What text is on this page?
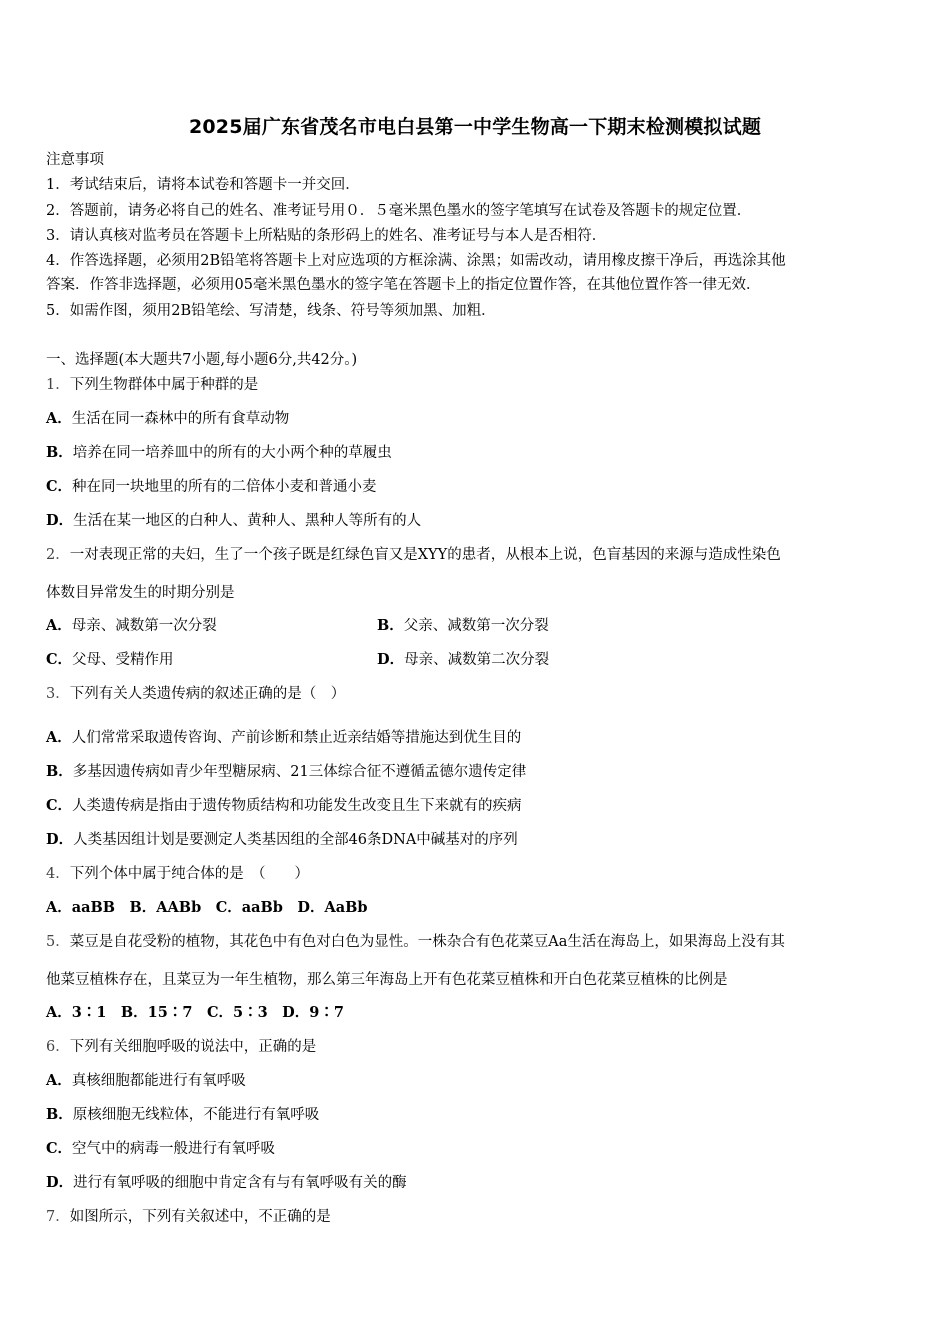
2025届广东省茂名市电白县第一中学生物高一下期末检测模拟试题
注意事项
1．考试结束后，请将本试卷和答题卡一并交回．
2．答题前，请务必将自己的姓名、准考证号用０．５毫米黑色墨水的签字笔填写在试卷及答题卡的规定位置．
3．请认真核对监考员在答题卡上所粘贴的条形码上的姓名、准考证号与本人是否相符．
4．作答选择题，必须用2B铅笔将答题卡上对应选项的方框涂满、涂黑；如需改动，请用橡皮擦干净后，再选涂其他
答案．作答非选择题，必须用05毫米黑色墨水的签字笔在答题卡上的指定位置作答，在其他位置作答一律无效．
5．如需作图，须用2B铅笔绘、写清楚，线条、符号等须加黑、加粗．
一、选择题(本大题共7小题,每小题6分,共42分。)
1．下列生物群体中属于种群的是
A．生活在同一森林中的所有食草动物
B．培养在同一培养皿中的所有的大小两个种的草履虫
C．种在同一块地里的所有的二倍体小麦和普通小麦
D．生活在某一地区的白种人、黄种人、黑种人等所有的人
2．一对表现正常的夫妇，生了一个孩子既是红绿色盲又是XYY的患者，从根本上说，色盲基因的来源与造成性染色
体数目异常发生的时期分别是
A．母亲、减数第一次分裂	B．父亲、减数第一次分裂
C．父母、受精作用	D．母亲、减数第二次分裂
3．下列有关人类遗传病的叙述正确的是（　）
A．人们常常采取遗传咨询、产前诊断和禁止近亲结婚等措施达到优生目的
B．多基因遗传病如青少年型糖尿病、21三体综合征不遵循孟德尔遗传定律
C．人类遗传病是指由于遗传物质结构和功能发生改变且生下来就有的疾病
D．人类基因组计划是要测定人类基因组的全部46条DNA中碱基对的序列
4．下列个体中属于纯合体的是　（　　）
A．aaBB　B．AABb　C．aaBb　D．AaBb
5．菜豆是自花受粉的植物，其花色中有色对白色为显性。一株杂合有色花菜豆Aa生活在海岛上，如果海岛上没有其
他菜豆植株存在，且菜豆为一年生植物，那么第三年海岛上开有色花菜豆植株和开白色花菜豆植株的比例是
A．3∶1　B．15∶7　C．5∶3　D．9∶7
6．下列有关细胞呼吸的说法中，正确的是
A．真核细胞都能进行有氧呼吸
B．原核细胞无线粒体，不能进行有氧呼吸
C．空气中的病毒一般进行有氧呼吸
D．进行有氧呼吸的细胞中肯定含有与有氧呼吸有关的酶
7．如图所示，下列有关叙述中，不正确的是
